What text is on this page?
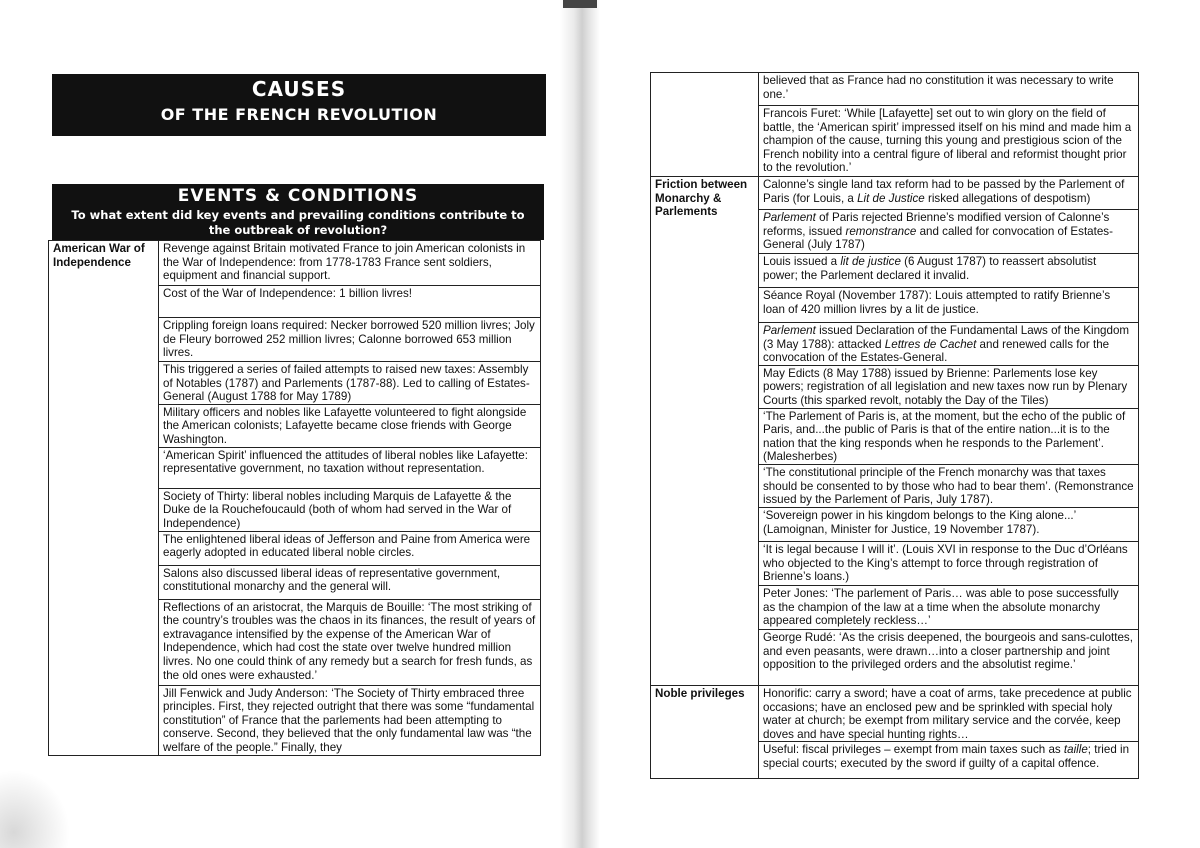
CAUSES
OF THE FRENCH REVOLUTION
EVENTS & CONDITIONS
To what extent did key events and prevailing conditions contribute to the outbreak of revolution?
American War of Independence	Revenge against Britain motivated France to join American colonists in the War of Independence: from 1778-1783 France sent soldiers, equipment and financial support.
Cost of the War of Independence: 1 billion livres!
Crippling foreign loans required: Necker borrowed 520 million livres; Joly de Fleury borrowed 252 million livres; Calonne borrowed 653 million livres.
This triggered a series of failed attempts to raised new taxes: Assembly of Notables (1787) and Parlements (1787-88). Led to calling of Estates-General (August 1788 for May 1789)
Military officers and nobles like Lafayette volunteered to fight alongside the American colonists; Lafayette became close friends with George Washington.
‘American Spirit’ influenced the attitudes of liberal nobles like Lafayette: representative government, no taxation without representation.
Society of Thirty: liberal nobles including Marquis de Lafayette & the Duke de la Rouchefoucauld (both of whom had served in the War of Independence)
The enlightened liberal ideas of Jefferson and Paine from America were eagerly adopted in educated liberal noble circles.
Salons also discussed liberal ideas of representative government, constitutional monarchy and the general will.
Reflections of an aristocrat, the Marquis de Bouille: ‘The most striking of the country’s troubles was the chaos in its finances, the result of years of extravagance intensified by the expense of the American War of Independence, which had cost the state over twelve hundred million livres. No one could think of any remedy but a search for fresh funds, as the old ones were exhausted.’
Jill Fenwick and Judy Anderson: ‘The Society of Thirty embraced three principles. First, they rejected outright that there was some “fundamental constitution” of France that the parlements had been attempting to conserve. Second, they believed that the only fundamental law was “the welfare of the people.” Finally, they
	believed that as France had no constitution it was necessary to write one.’
	Francois Furet: ‘While [Lafayette] set out to win glory on the field of battle, the ‘American spirit’ impressed itself on his mind and made him a champion of the cause, turning this young and prestigious scion of the French nobility into a central figure of liberal and reformist thought prior to the revolution.’
Friction between Monarchy & Parlements	Calonne’s single land tax reform had to be passed by the Parlement of Paris (for Louis, a Lit de Justice risked allegations of despotism)
	Parlement of Paris rejected Brienne’s modified version of Calonne’s reforms, issued remonstrance and called for convocation of Estates-General (July 1787)
	Louis issued a lit de justice (6 August 1787) to reassert absolutist power; the Parlement declared it invalid.
	Séance Royal (November 1787): Louis attempted to ratify Brienne’s loan of 420 million livres by a lit de justice.
	Parlement issued Declaration of the Fundamental Laws of the Kingdom (3 May 1788): attacked Lettres de Cachet and renewed calls for the convocation of the Estates-General.
	May Edicts (8 May 1788) issued by Brienne: Parlements lose key powers; registration of all legislation and new taxes now run by Plenary Courts (this sparked revolt, notably the Day of the Tiles)
	‘The Parlement of Paris is, at the moment, but the echo of the public of Paris, and...the public of Paris is that of the entire nation...it is to the nation that the king responds when he responds to the Parlement’. (Malesherbes)
	‘The constitutional principle of the French monarchy was that taxes should be consented to by those who had to bear them’. (Remonstrance issued by the Parlement of Paris, July 1787).
	‘Sovereign power in his kingdom belongs to the King alone...’ (Lamoignan, Minister for Justice, 19 November 1787).
	‘It is legal because I will it’. (Louis XVI in response to the Duc d’Orléans who objected to the King’s attempt to force through registration of Brienne’s loans.)
	Peter Jones: ‘The parlement of Paris… was able to pose successfully as the champion of the law at a time when the absolute monarchy appeared completely reckless…’
	George Rudé: ‘As the crisis deepened, the bourgeois and sans-culottes, and even peasants, were drawn…into a closer partnership and joint opposition to the privileged orders and the absolutist regime.’
Noble privileges	Honorific: carry a sword; have a coat of arms, take precedence at public occasions; have an enclosed pew and be sprinkled with special holy water at church; be exempt from military service and the corvée, keep doves and have special hunting rights…
	Useful: fiscal privileges – exempt from main taxes such as taille; tried in special courts; executed by the sword if guilty of a capital offence.
